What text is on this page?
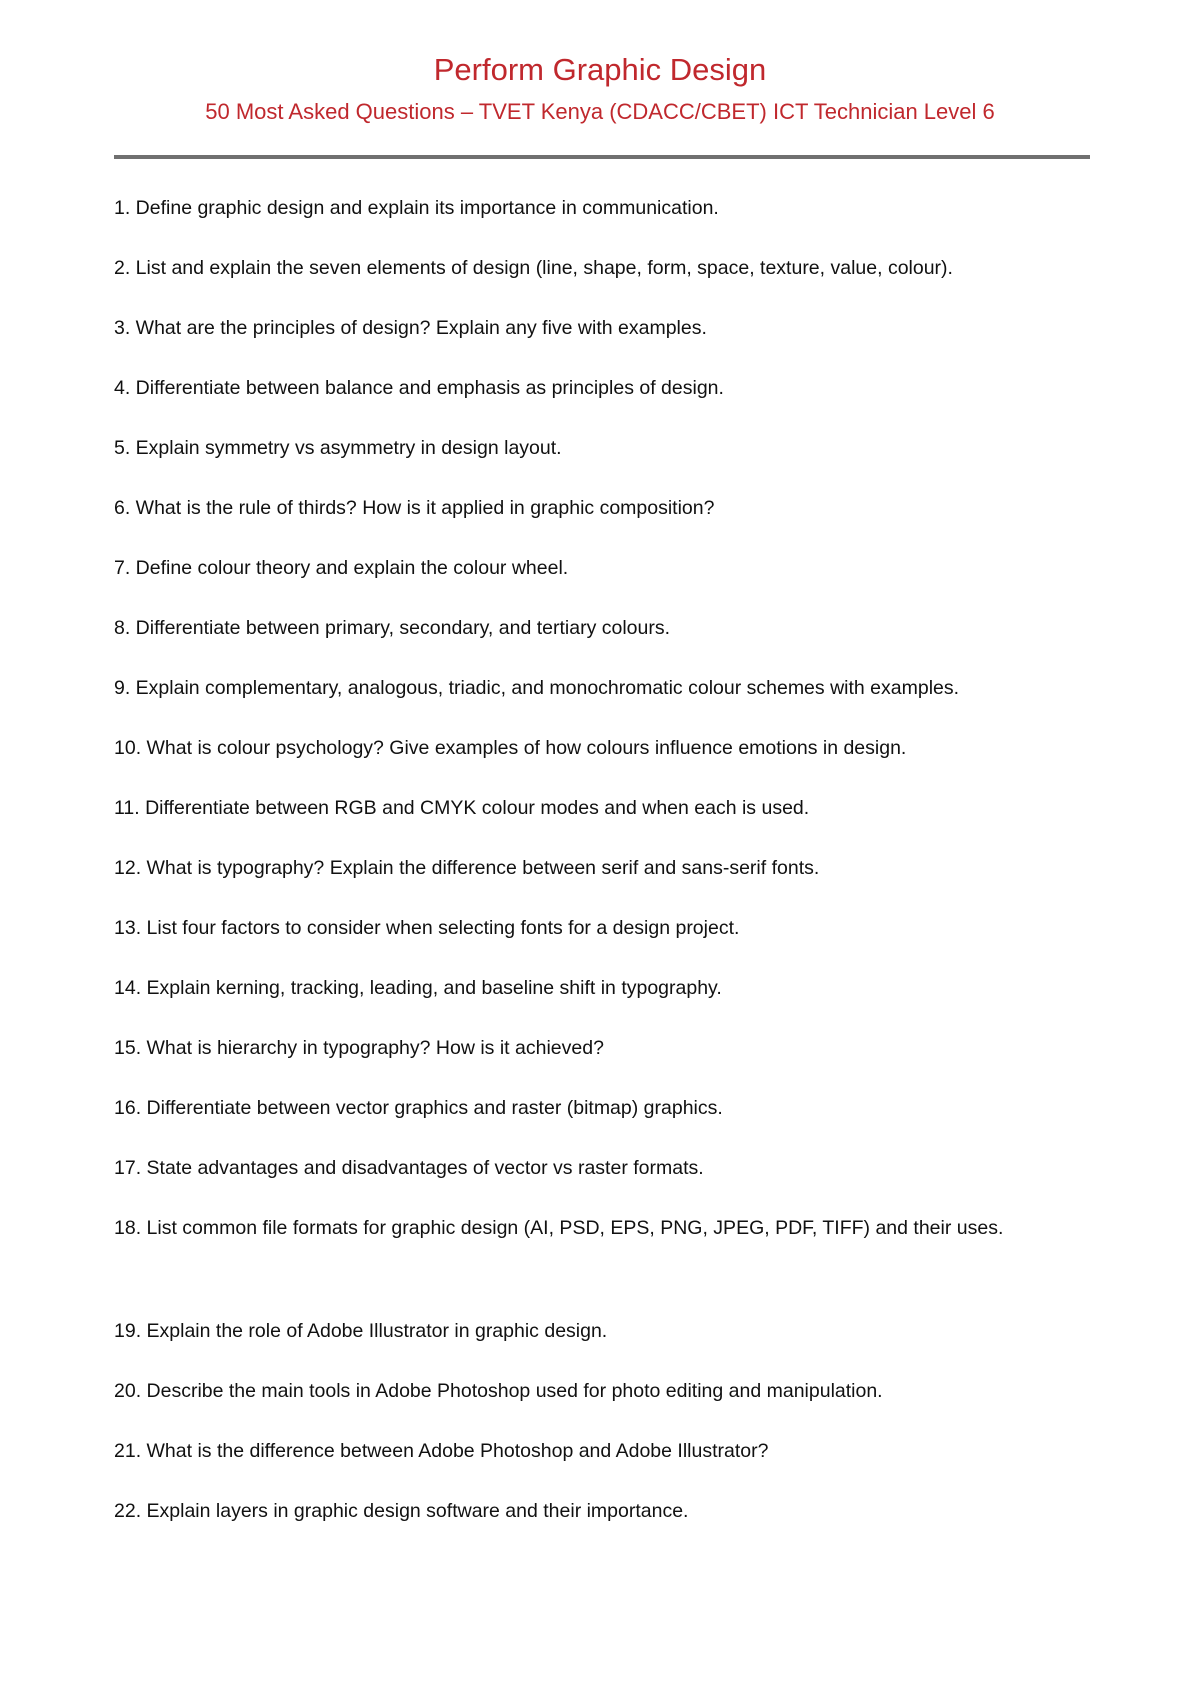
Perform Graphic Design
50 Most Asked Questions – TVET Kenya (CDACC/CBET) ICT Technician Level 6
1. Define graphic design and explain its importance in communication.
2. List and explain the seven elements of design (line, shape, form, space, texture, value, colour).
3. What are the principles of design? Explain any five with examples.
4. Differentiate between balance and emphasis as principles of design.
5. Explain symmetry vs asymmetry in design layout.
6. What is the rule of thirds? How is it applied in graphic composition?
7. Define colour theory and explain the colour wheel.
8. Differentiate between primary, secondary, and tertiary colours.
9. Explain complementary, analogous, triadic, and monochromatic colour schemes with examples.
10. What is colour psychology? Give examples of how colours influence emotions in design.
11. Differentiate between RGB and CMYK colour modes and when each is used.
12. What is typography? Explain the difference between serif and sans-serif fonts.
13. List four factors to consider when selecting fonts for a design project.
14. Explain kerning, tracking, leading, and baseline shift in typography.
15. What is hierarchy in typography? How is it achieved?
16. Differentiate between vector graphics and raster (bitmap) graphics.
17. State advantages and disadvantages of vector vs raster formats.
18. List common file formats for graphic design (AI, PSD, EPS, PNG, JPEG, PDF, TIFF) and their uses.
19. Explain the role of Adobe Illustrator in graphic design.
20. Describe the main tools in Adobe Photoshop used for photo editing and manipulation.
21. What is the difference between Adobe Photoshop and Adobe Illustrator?
22. Explain layers in graphic design software and their importance.
